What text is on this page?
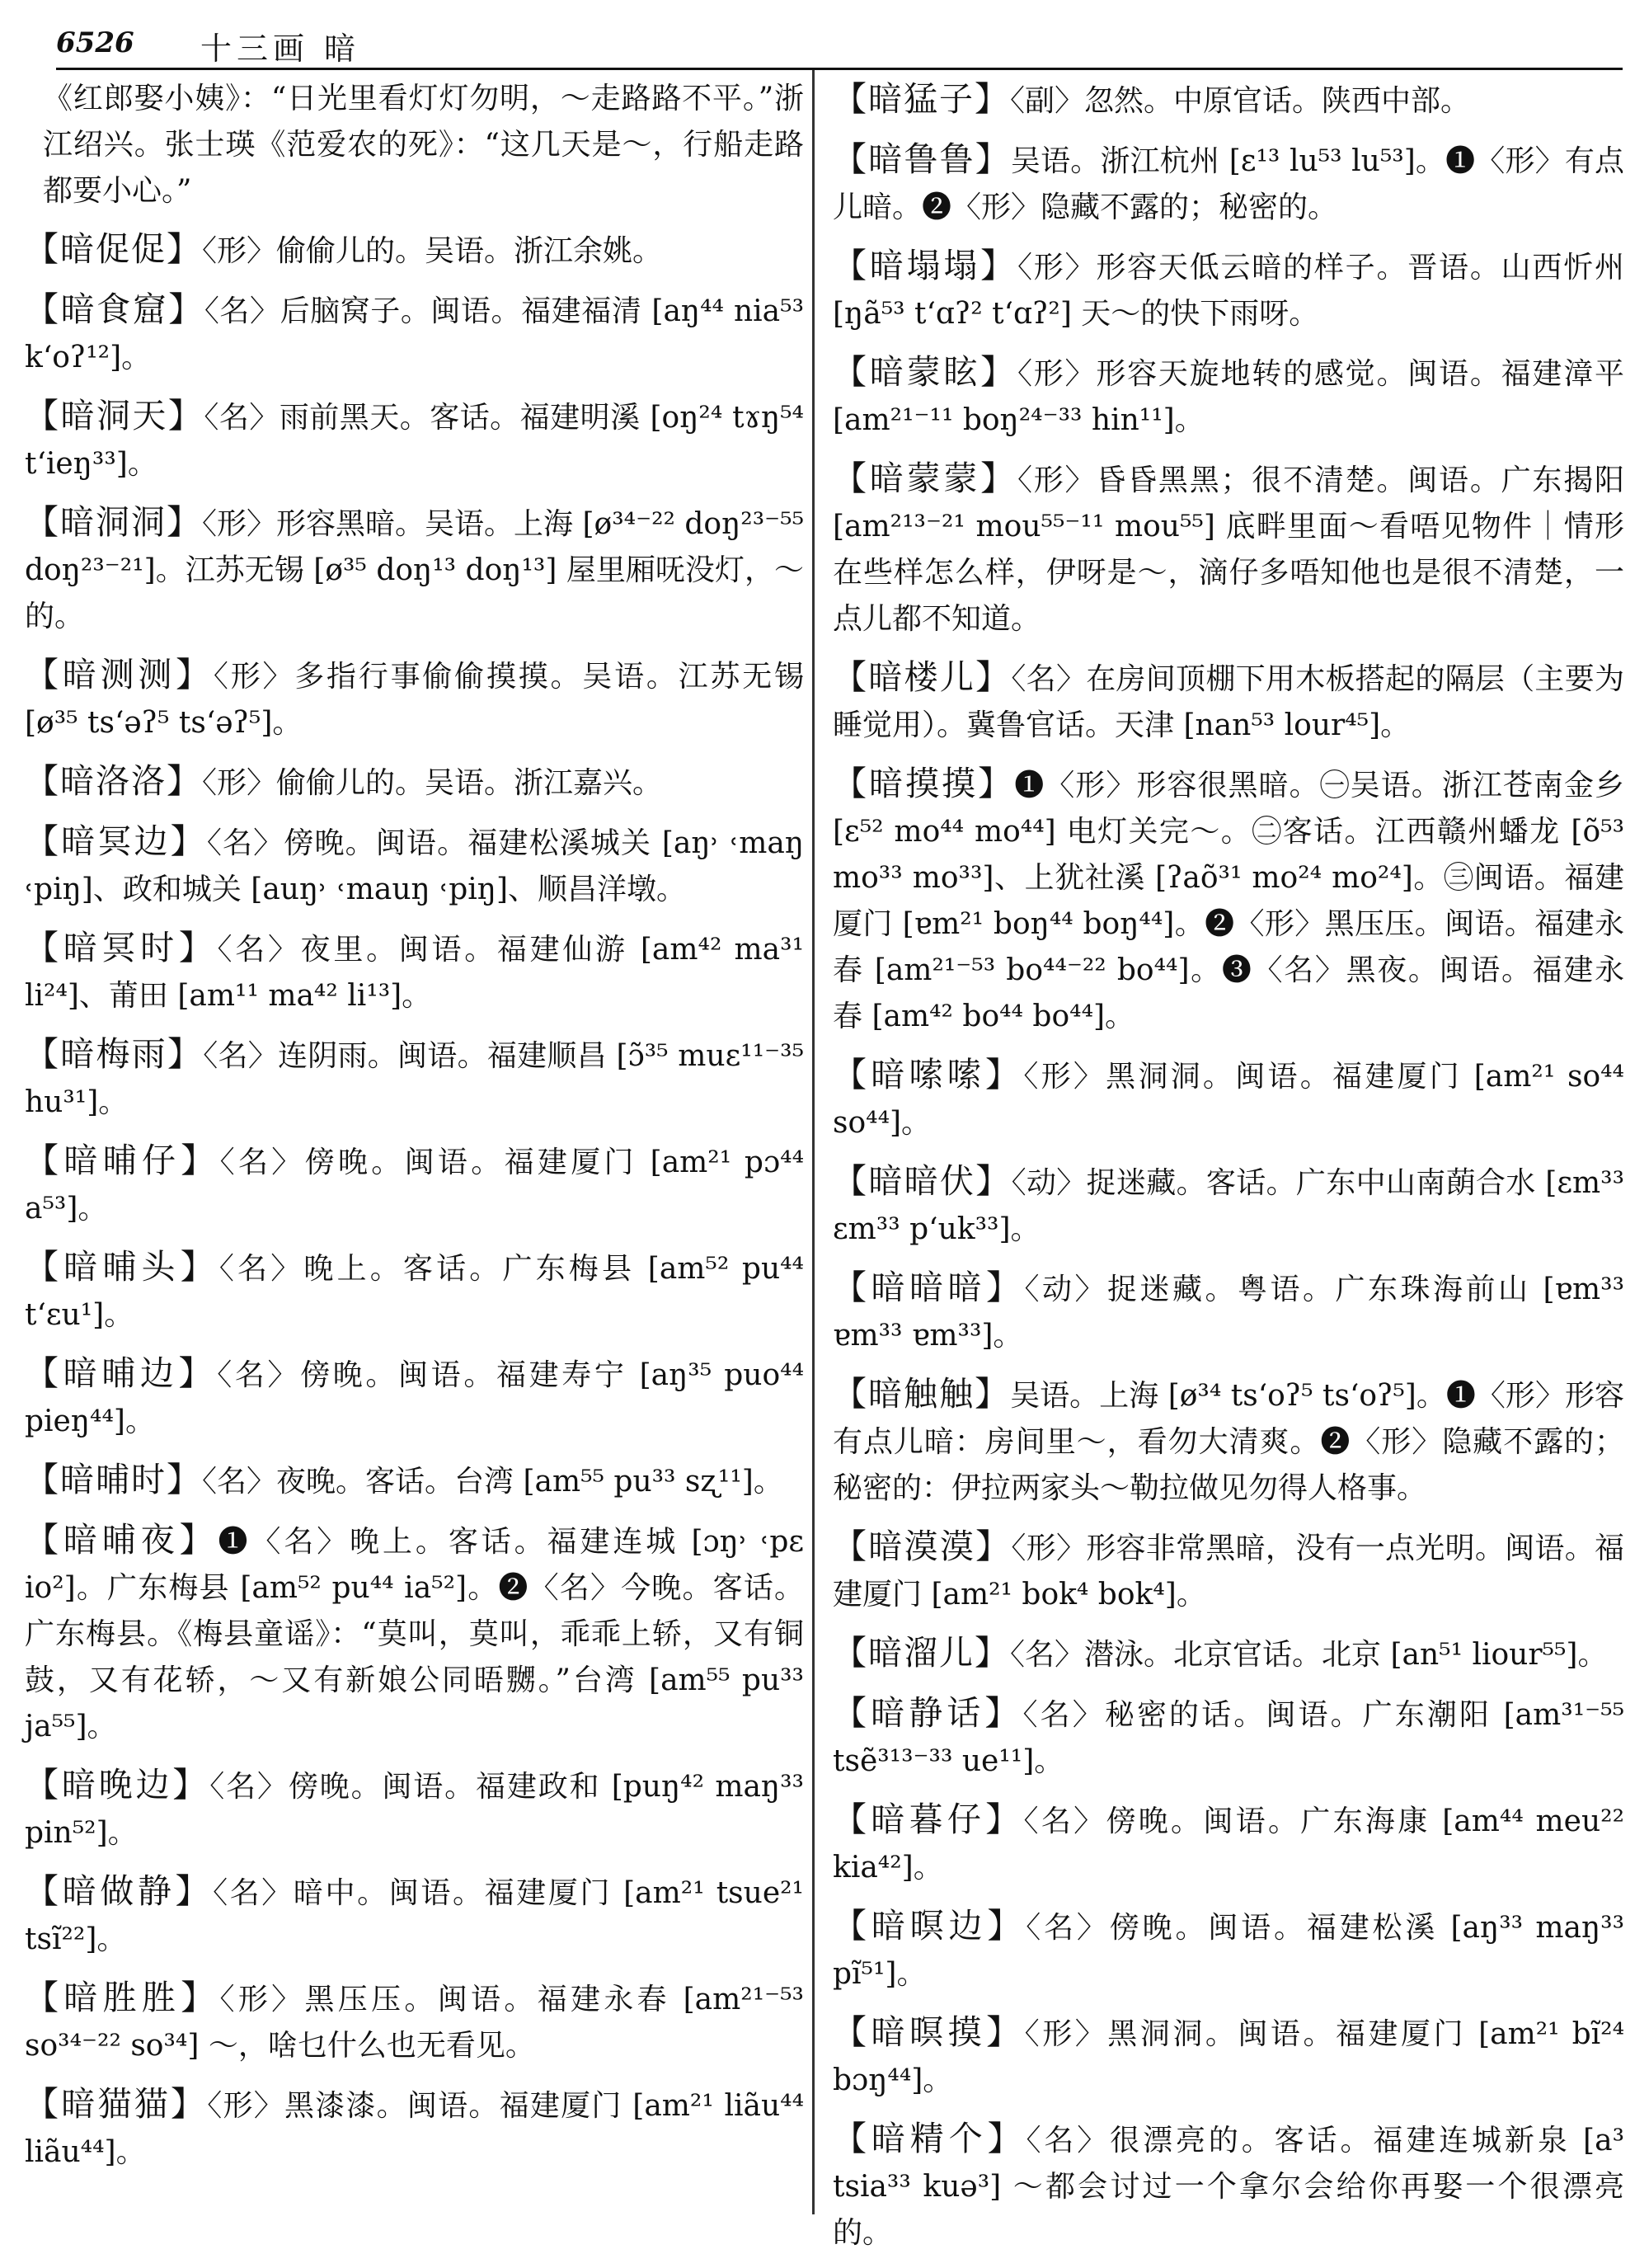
6526 十三画 暗
《红郎娶小姨》：“日光里看灯灯勿明，～走路路不平。”浙江绍兴。张士瑛《范爱农的死》：“这几天是～，行船走路都要小心。”
【暗促促】〈形〉偷偷儿的。吴语。浙江余姚。
【暗食窟】〈名〉后脑窝子。闽语。福建福清 [aŋ⁴⁴ nia⁵³ kʻoʔ¹²]。
【暗洞天】〈名〉雨前黑天。客话。福建明溪 [oŋ²⁴ tɤŋ⁵⁴ tʻieŋ³³]。
【暗洞洞】〈形〉形容黑暗。吴语。上海 [ø³⁴⁻²² doŋ²³⁻⁵⁵ doŋ²³⁻²¹]。江苏无锡 [ø³⁵ doŋ¹³ doŋ¹³] 屋里厢呒没灯，～的。
【暗测测】〈形〉多指行事偷偷摸摸。吴语。江苏无锡 [ø³⁵ tsʻəʔ⁵ tsʻəʔ⁵]。
【暗洛洛】〈形〉偷偷儿的。吴语。浙江嘉兴。
【暗冥边】〈名〉傍晚。闽语。福建松溪城关 [aŋ˒ ˓maŋ ˓piŋ]、政和城关 [auŋ˒ ˓mauŋ ˓piŋ]、顺昌洋墩。
【暗冥时】〈名〉夜里。闽语。福建仙游 [am⁴² ma³¹ li²⁴]、莆田 [am¹¹ ma⁴² li¹³]。
【暗梅雨】〈名〉连阴雨。闽语。福建顺昌 [ɔ̃³⁵ muɛ¹¹⁻³⁵ hu³¹]。
【暗晡仔】〈名〉傍晚。闽语。福建厦门 [am²¹ pɔ⁴⁴ a⁵³]。
【暗晡头】〈名〉晚上。客话。广东梅县 [am⁵² pu⁴⁴ tʻɛu¹]。
【暗晡边】〈名〉傍晚。闽语。福建寿宁 [aŋ³⁵ puo⁴⁴ pieŋ⁴⁴]。
【暗晡时】〈名〉夜晚。客话。台湾 [am⁵⁵ pu³³ sʐ¹¹]。
【暗晡夜】❶〈名〉晚上。客话。福建连城 [ɔŋ˒ ˓pɛ io²]。广东梅县 [am⁵² pu⁴⁴ ia⁵²]。❷〈名〉今晚。客话。广东梅县。《梅县童谣》：“莫叫，莫叫，乖乖上轿，又有铜鼓，又有花轿，～又有新娘公同晤嬲。”台湾 [am⁵⁵ pu³³ ja⁵⁵]。
【暗晚边】〈名〉傍晚。闽语。福建政和 [puŋ⁴² maŋ³³ pin⁵²]。
【暗做静】〈名〉暗中。闽语。福建厦门 [am²¹ tsue²¹ tsĩ²²]。
【暗胜胜】〈形〉黑压压。闽语。福建永春 [am²¹⁻⁵³ so³⁴⁻²² so³⁴] ～，啥乜什么也无看见。
【暗猫猫】〈形〉黑漆漆。闽语。福建厦门 [am²¹ liãu⁴⁴ liãu⁴⁴]。
【暗猛子】〈副〉忽然。中原官话。陕西中部。
【暗鲁鲁】吴语。浙江杭州 [ɛ¹³ lu⁵³ lu⁵³]。❶〈形〉有点儿暗。❷〈形〉隐藏不露的；秘密的。
【暗塌塌】〈形〉形容天低云暗的样子。晋语。山西忻州 [ŋã⁵³ tʻɑʔ² tʻɑʔ²] 天～的快下雨呀。
【暗蒙眩】〈形〉形容天旋地转的感觉。闽语。福建漳平 [am²¹⁻¹¹ boŋ²⁴⁻³³ hin¹¹]。
【暗蒙蒙】〈形〉昏昏黑黑；很不清楚。闽语。广东揭阳 [am²¹³⁻²¹ mou⁵⁵⁻¹¹ mou⁵⁵] 底畔里面～看唔见物件｜情形在些样怎么样，伊呀是～，滴仔多唔知他也是很不清楚，一点儿都不知道。
【暗楼儿】〈名〉在房间顶棚下用木板搭起的隔层（主要为睡觉用）。冀鲁官话。天津 [nan⁵³ lour⁴⁵]。
【暗摸摸】❶〈形〉形容很黑暗。㊀吴语。浙江苍南金乡 [ɛ⁵² mo⁴⁴ mo⁴⁴] 电灯关完～。㊁客话。江西赣州蟠龙 [õ⁵³ mo³³ mo³³]、上犹社溪 [ʔaõ³¹ mo²⁴ mo²⁴]。㊂闽语。福建厦门 [ɐm²¹ boŋ⁴⁴ boŋ⁴⁴]。❷〈形〉黑压压。闽语。福建永春 [am²¹⁻⁵³ bo⁴⁴⁻²² bo⁴⁴]。❸〈名〉黑夜。闽语。福建永春 [am⁴² bo⁴⁴ bo⁴⁴]。
【暗嗦嗦】〈形〉黑洞洞。闽语。福建厦门 [am²¹ so⁴⁴ so⁴⁴]。
【暗暗伏】〈动〉捉迷藏。客话。广东中山南蓢合水 [ɛm³³ ɛm³³ pʻuk³³]。
【暗暗暗】〈动〉捉迷藏。粤语。广东珠海前山 [ɐm³³ ɐm³³ ɐm³³]。
【暗触触】吴语。上海 [ø³⁴ tsʻoʔ⁵ tsʻoʔ⁵]。❶〈形〉形容有点儿暗：房间里～，看勿大清爽。❷〈形〉隐藏不露的；秘密的：伊拉两家头～勒拉做见勿得人格事。
【暗漠漠】〈形〉形容非常黑暗，没有一点光明。闽语。福建厦门 [am²¹ bok⁴ bok⁴]。
【暗溜儿】〈名〉潜泳。北京官话。北京 [an⁵¹ liour⁵⁵]。
【暗静话】〈名〉秘密的话。闽语。广东潮阳 [am³¹⁻⁵⁵ tsẽ³¹³⁻³³ ue¹¹]。
【暗暮仔】〈名〉傍晚。闽语。广东海康 [am⁴⁴ meu²² kia⁴²]。
【暗暝边】〈名〉傍晚。闽语。福建松溪 [aŋ³³ maŋ³³ pĩ⁵¹]。
【暗暝摸】〈形〉黑洞洞。闽语。福建厦门 [am²¹ bĩ²⁴ bɔŋ⁴⁴]。
【暗精个】〈名〉很漂亮的。客话。福建连城新泉 [a³ tsia³³ kuə³] ～都会讨过一个拿尔会给你再娶一个很漂亮的。
